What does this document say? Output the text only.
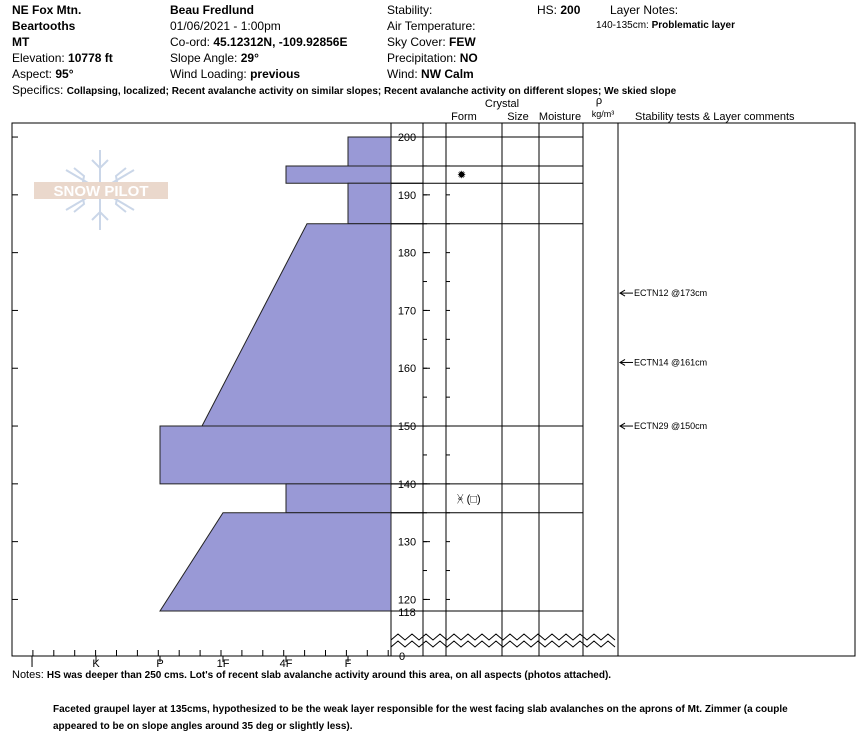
NE Fox Mtn.
Beartooths
MT
Elevation: 10778 ft
Aspect: 95°
Beau Fredlund
01/06/2021 - 1:00pm
Co-ord: 45.12312N, -109.92856E
Slope Angle: 29°
Wind Loading: previous
Stability:
Air Temperature:
Sky Cover: FEW
Precipitation: NO
Wind: NW Calm
HS: 200 Layer Notes:
140-135cm: Problematic layer
Specifics: Collapsing, localized; Recent avalanche activity on similar slopes; Recent avalanche activity on different slopes; We skied slope
Form
Crystal
Size Moisture
ρ
kg/m³ Stability tests & Layer comments
200
190
180
170
160
150
140
130
120
✹
ᚸ (□)
ECTN12 @173cm
ECTN14 @161cm
ECTN29 @150cm
I	K	P	1F	4F	F
0
118
SNOW PILOT
Notes: HS was deeper than 250 cms. Lot's of recent slab avalanche activity around this area, on all aspects (photos attached).
Faceted graupel layer at 135cms, hypothesized to be the weak layer responsible for the west facing slab avalanches on the aprons of Mt. Zimmer (a couple
appeared to be on slope angles around 35 deg or slightly less).
